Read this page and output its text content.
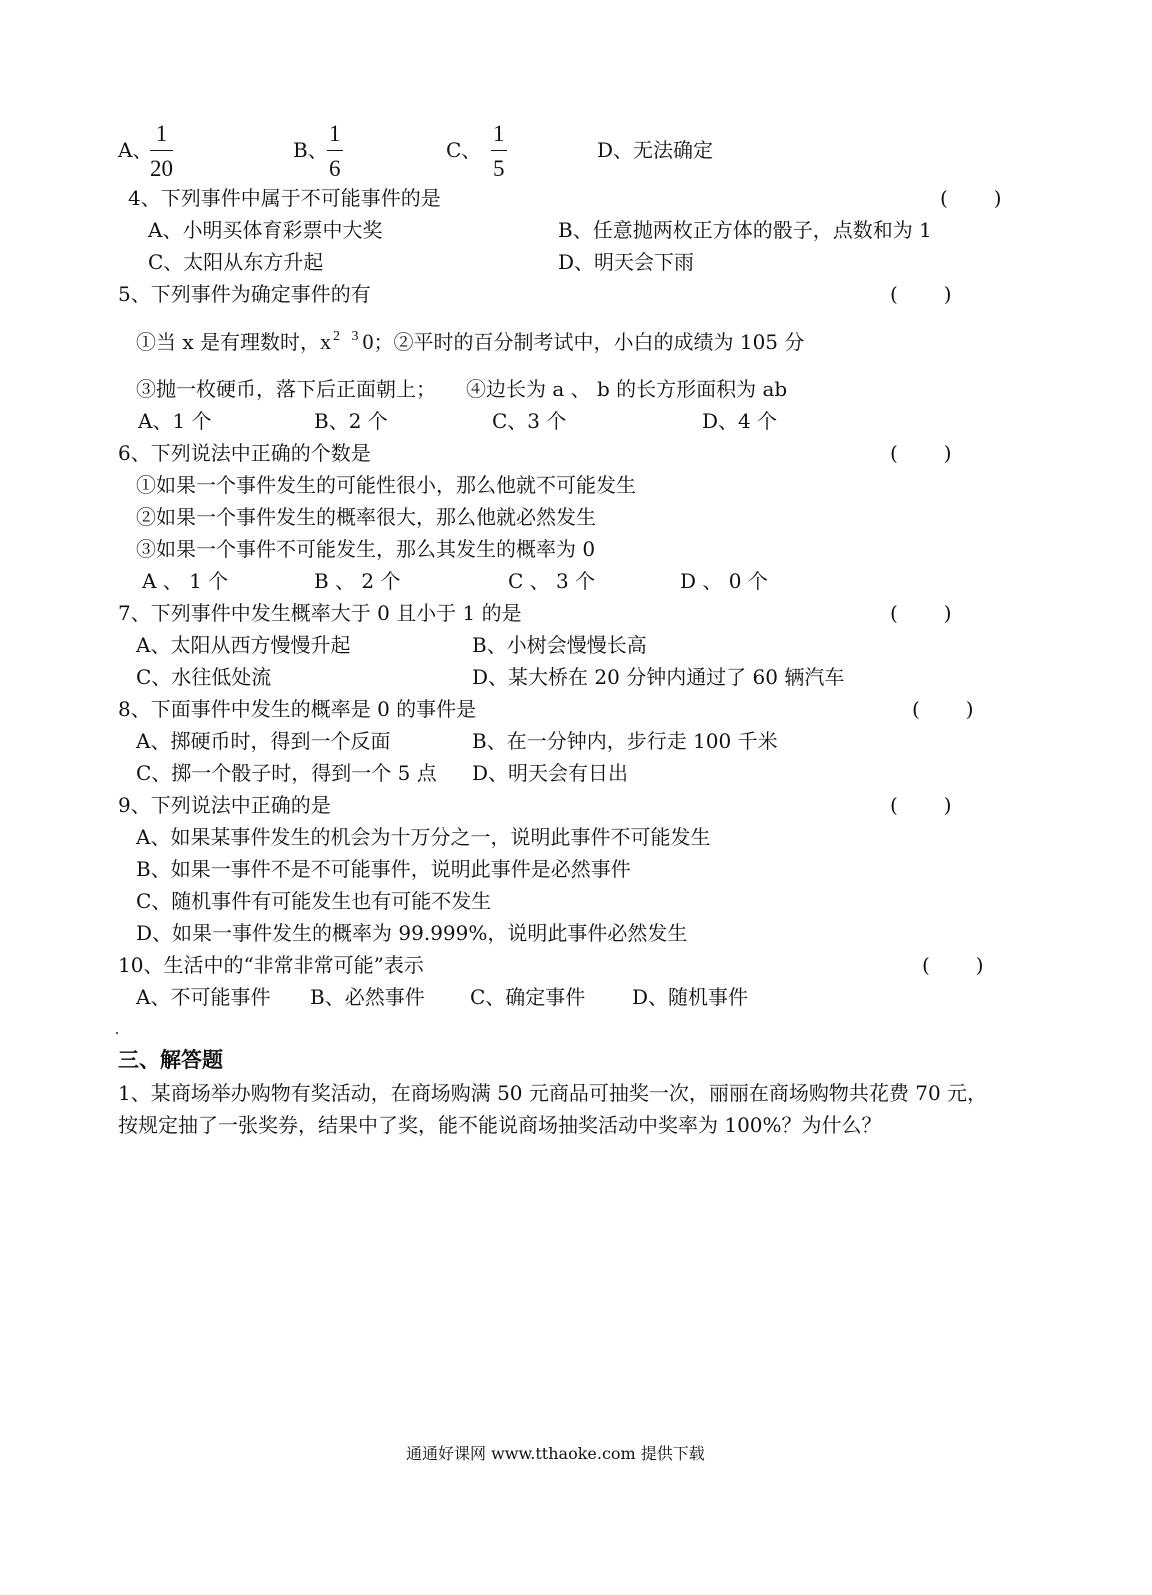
A、
1
20
B、
1
6
C、
1
5
D、无法确定
4、下列事件中属于不可能事件的是	(　　)
A、小明买体育彩票中大奖	B、任意抛两枚正方体的骰子，点数和为 1
C、太阳从东方升起	D、明天会下雨
5、下列事件为确定事件的有	(　　)
①当 x 是有理数时，x $^{2 3}$0；②平时的百分制考试中，小白的成绩为 105 分
③抛一枚硬币，落下后正面朝上；　　④边长为 a 、 b 的长方形面积为 ab
A、1 个	B、2 个	C、3 个	D、4 个
6、下列说法中正确的个数是	(　　)
①如果一个事件发生的可能性很小，那么他就不可能发生
②如果一个事件发生的概率很大，那么他就必然发生
③如果一个事件不可能发生，那么其发生的概率为 0
A 、 1 个	B 、 2 个	C 、 3 个	D 、 0 个
7、下列事件中发生概率大于 0 且小于 1 的是	(　　)
A、太阳从西方慢慢升起	B、小树会慢慢长高
C、水往低处流	D、某大桥在 20 分钟内通过了 60 辆汽车
8、下面事件中发生的概率是 0 的事件是	(　　)
A、掷硬币时，得到一个反面	B、在一分钟内，步行走 100 千米
C、掷一个骰子时，得到一个 5 点 D、明天会有日出
9、下列说法中正确的是	(　　)
A、如果某事件发生的机会为十万分之一，说明此事件不可能发生
B、如果一事件不是不可能事件，说明此事件是必然事件
C、随机事件有可能发生也有可能不发生
D、如果一事件发生的概率为 99.999%，说明此事件必然发生
10、生活中的“非常非常可能”表示	(　　)
A、不可能事件 B、必然事件 C、确定事件 D、随机事件
三、解答题
1、某商场举办购物有奖活动，在商场购满 50 元商品可抽奖一次，丽丽在商场购物共花费 70 元，
按规定抽了一张奖券，结果中了奖，能不能说商场抽奖活动中奖率为 100%？为什么？
通通好课网 www.tthaoke.com 提供下载
